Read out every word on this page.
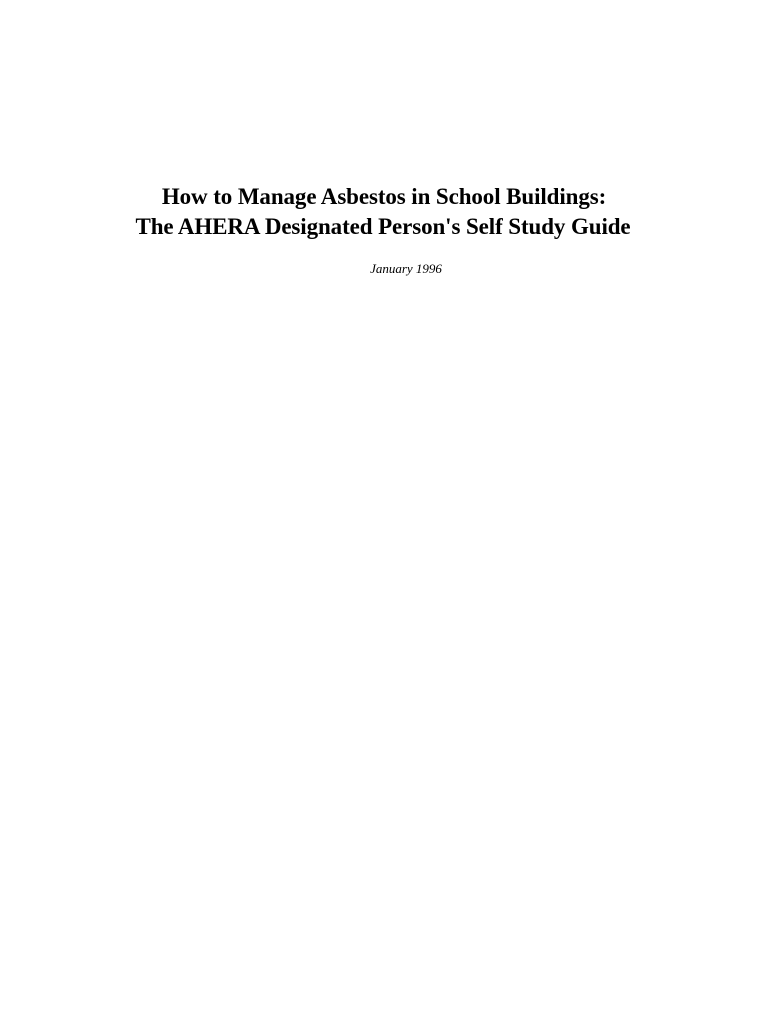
How to Manage Asbestos in School Buildings:
The AHERA Designated Person's Self Study Guide
January 1996
